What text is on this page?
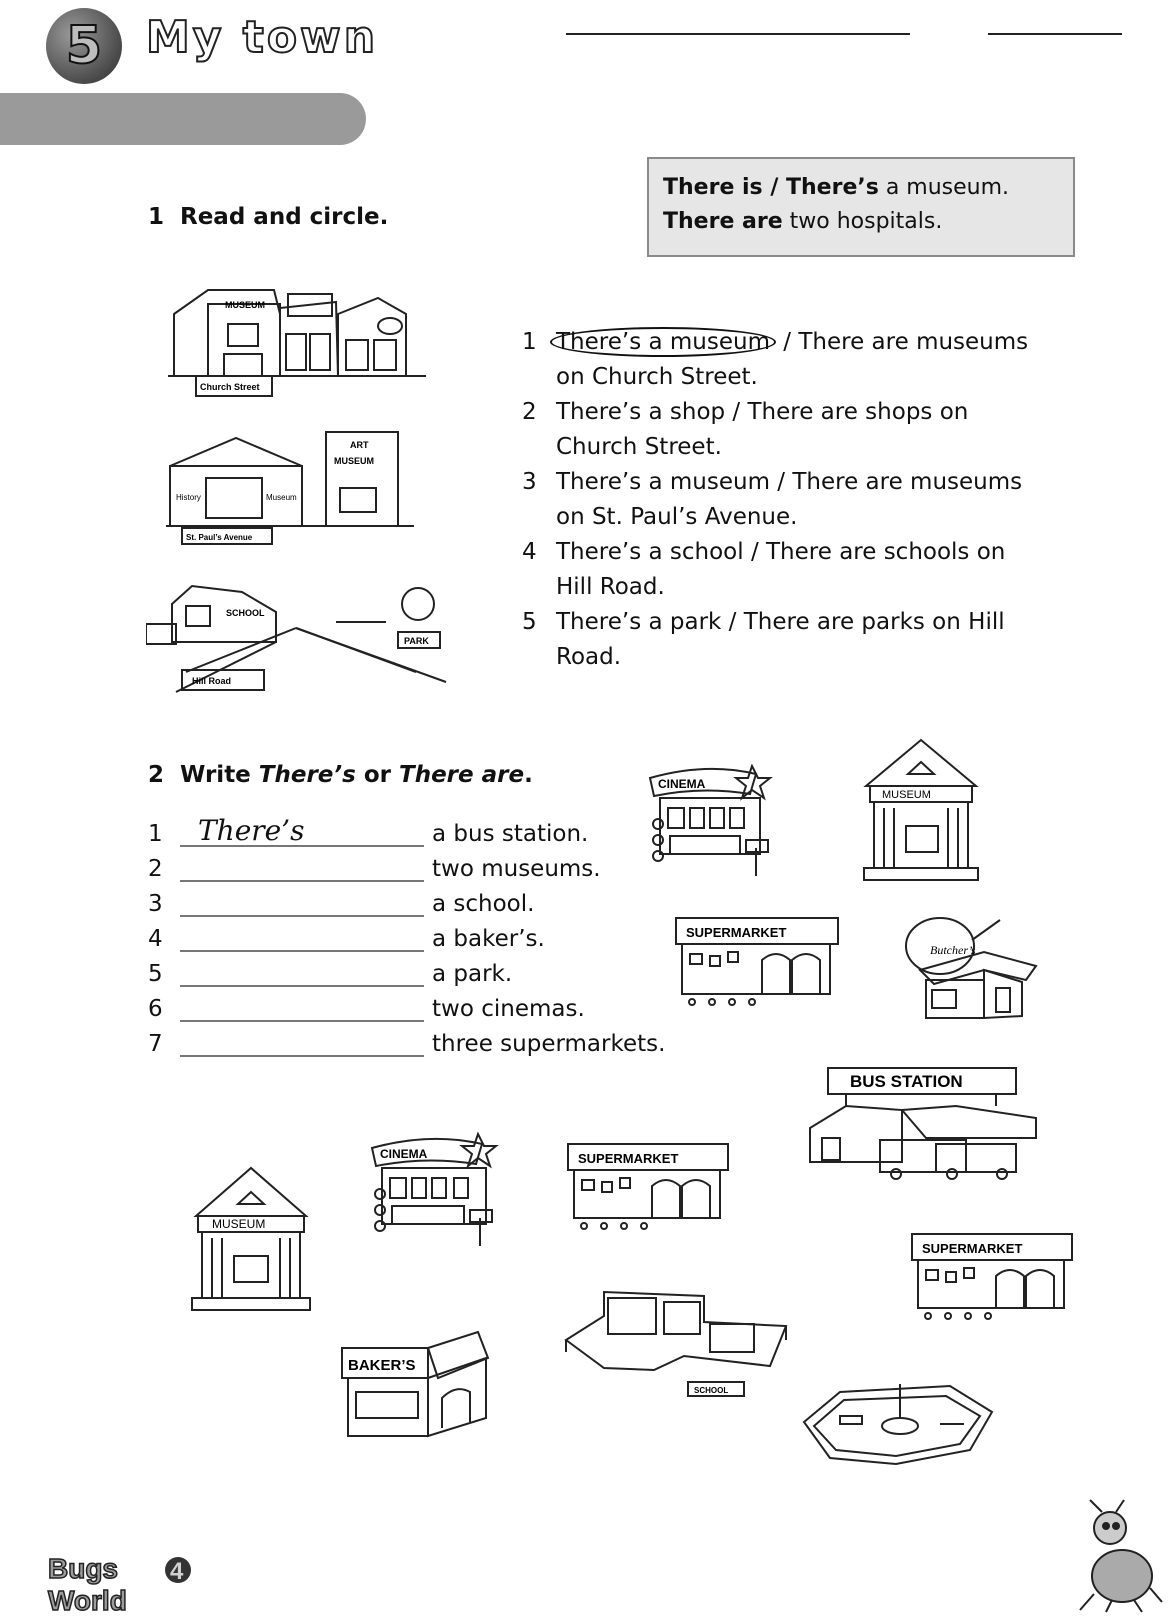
5 My town
1 Read and circle.
There is / There’s a museum.
There are two hospitals.
MUSEUM
Church Street
ART
MUSEUM
History	Museum
St. Paul’s Avenue
SCHOOL
PARK
Hill Road
1 There’s a museum / There are museums
on Church Street.
2 There’s a shop / There are shops on
Church Street.
3 There’s a museum / There are museums
on St. Paul’s Avenue.
4 There’s a school / There are schools on
Hill Road.
5 There’s a park / There are parks on Hill
Road.
2 Write There’s or There are.
1	There’s	a bus station.
2	two museums.
3	a school.
4	a baker’s.
5	a park.
6	two cinemas.
7	three supermarkets.
CINEMA
MUSEUM
SUPERMARKET
Butcher’s
BUS STATION
MUSEUM
CINEMA	SUPERMARKET
SUPERMARKET
SCHOOL
BAKER’S
Bugs
World
4
